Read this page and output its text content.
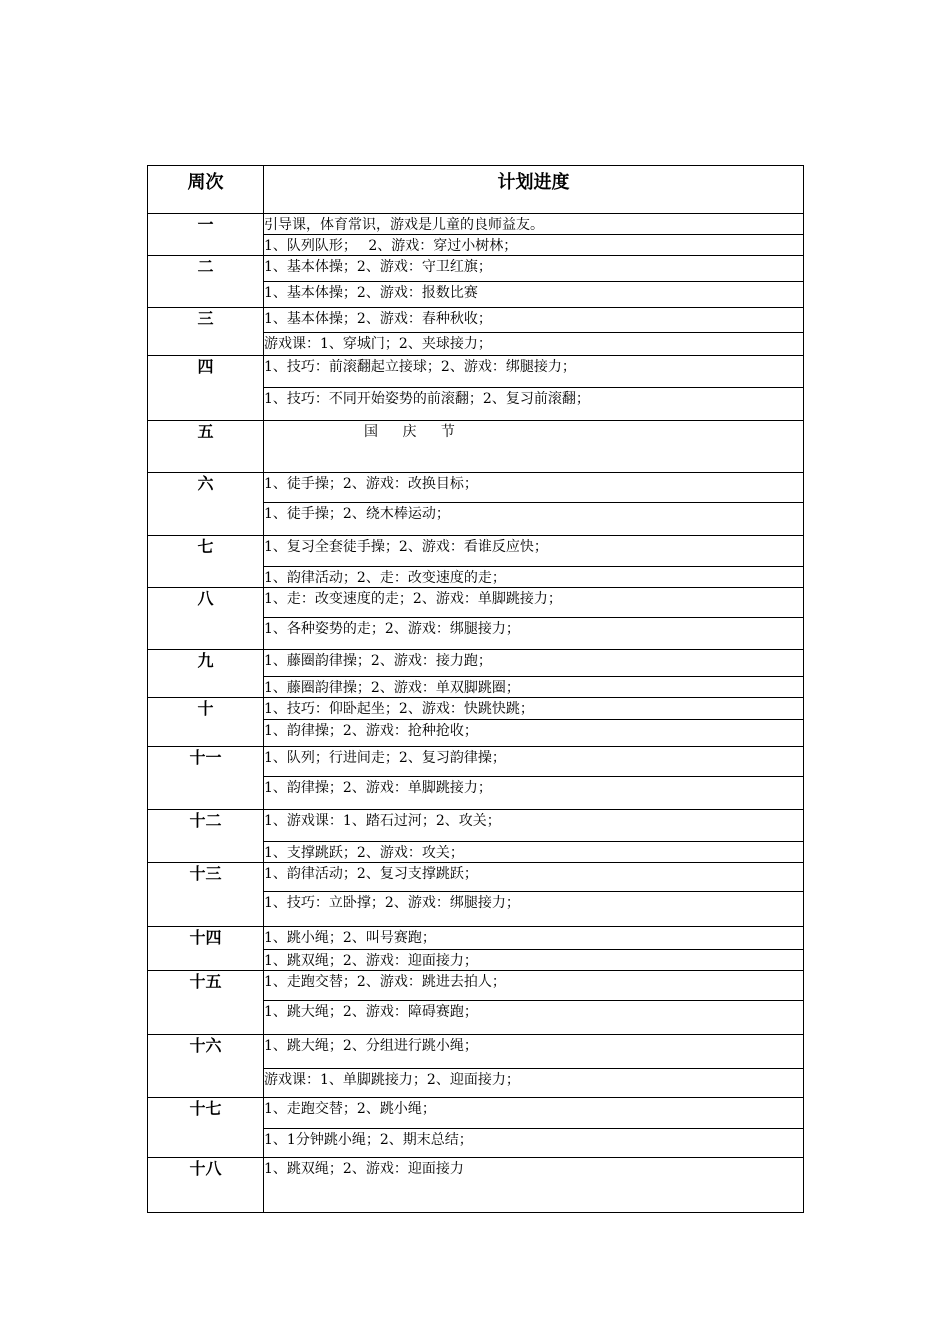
周次	计划进度

一	引导课，体育常识，游戏是儿童的良师益友。

	1、队列队形；　 2、游戏：穿过小树林；

二	1、基本体操；2、游戏：守卫红旗；

	1、基本体操；2、游戏：报数比赛

三	1、基本体操；2、游戏：春种秋收；

	游戏课：1、穿城门；2、夹球接力；

四	1、技巧：前滚翻起立接球；2、游戏：绑腿接力；

	1、技巧：不同开始姿势的前滚翻；2、复习前滚翻；

五	国 庆 节

六	1、徒手操；2、游戏：改换目标；

	1、徒手操；2、绕木棒运动；

七	1、复习全套徒手操；2、游戏：看谁反应快；

	1、韵律活动；2、走：改变速度的走；

八	1、走：改变速度的走；2、游戏：单脚跳接力；

	1、各种姿势的走；2、游戏：绑腿接力；

九	1、藤圈韵律操；2、游戏：接力跑；

	1、藤圈韵律操；2、游戏：单双脚跳圈；

十	1、技巧：仰卧起坐；2、游戏：快跳快跳；

	1、韵律操；2、游戏：抢种抢收；

十一	1、队列；行进间走；2、复习韵律操；

	1、韵律操；2、游戏：单脚跳接力；

十二	1、游戏课：1、踏石过河；2、攻关；

	1、支撑跳跃；2、游戏：攻关；

十三	1、韵律活动；2、复习支撑跳跃；

	1、技巧：立卧撑；2、游戏：绑腿接力；

十四	1、跳小绳；2、叫号赛跑；

	1、跳双绳；2、游戏：迎面接力；

十五	1、走跑交替；2、游戏：跳进去拍人；

	1、跳大绳；2、游戏：障碍赛跑；

十六	1、跳大绳；2、分组进行跳小绳；

	游戏课：1、单脚跳接力；2、迎面接力；

十七	1、走跑交替；2、跳小绳；

	1、1分钟跳小绳；2、期末总结；

十八	1、跳双绳；2、游戏：迎面接力
